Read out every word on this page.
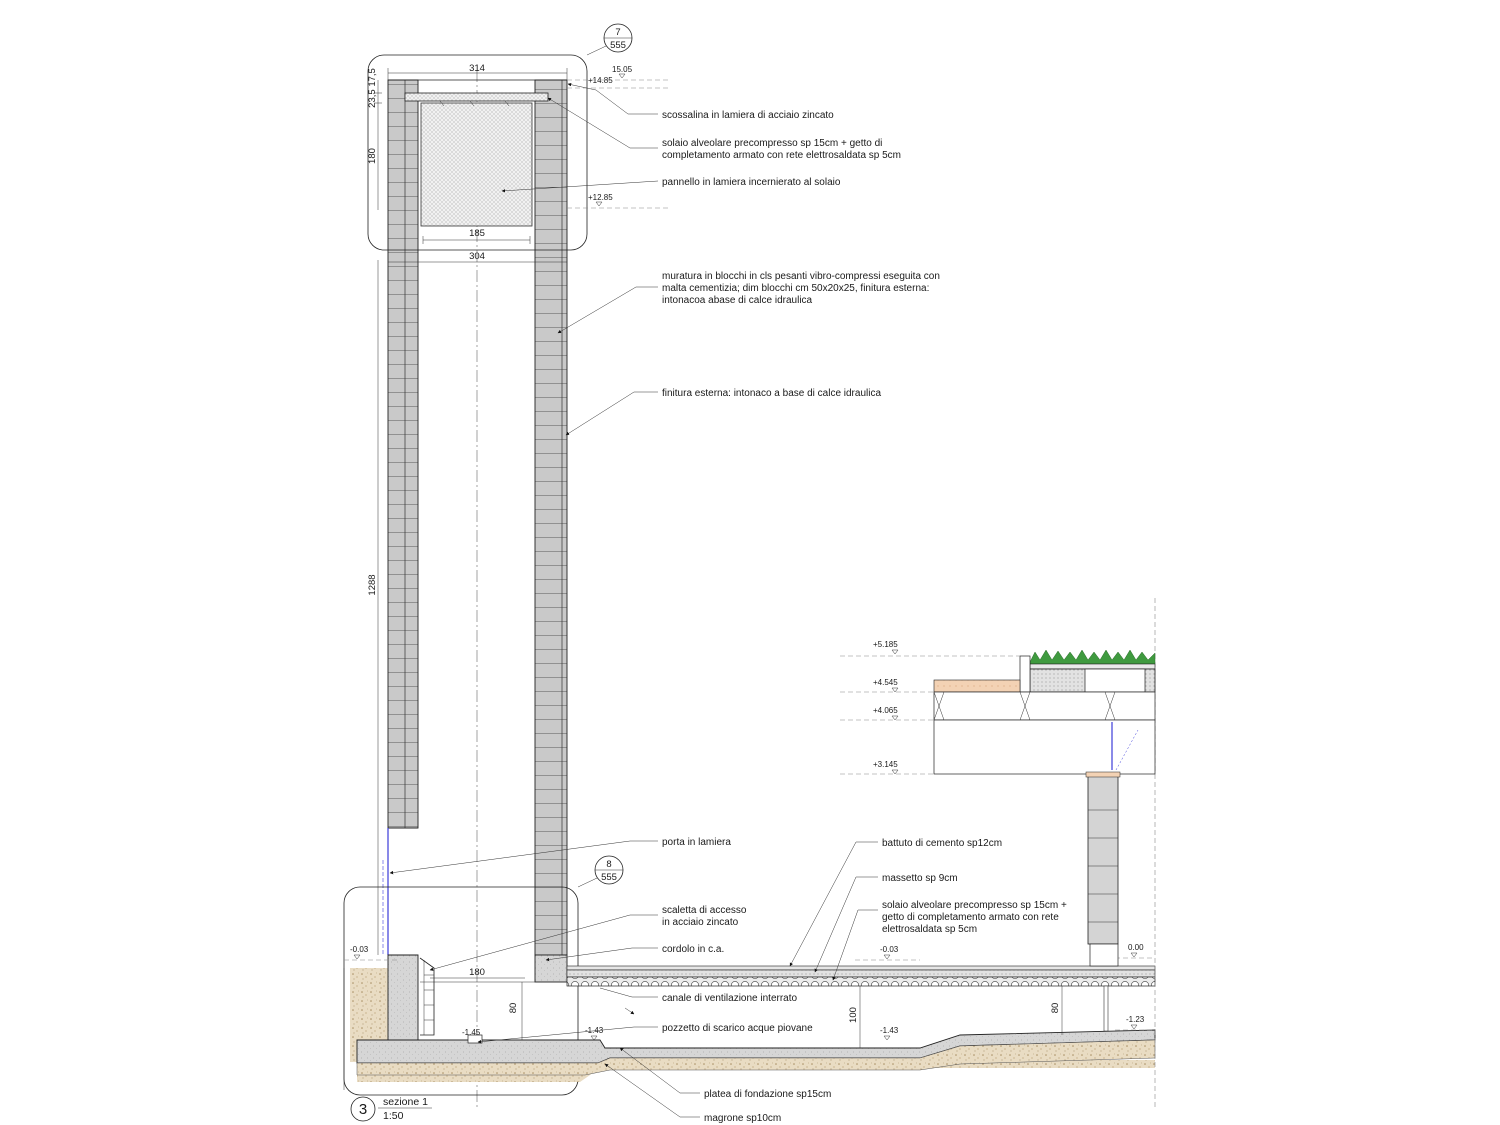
314
185
304
23,5 17,5
180
1288
15.05
+14.85
+12.85
7
555
8
555
180
80	100	80
-0.03	-0.03	0.00
-1.45	-1.43	-1.43
-1.23
+5.185
+4.545
+4.065
+3.145
scossalina in lamiera di acciaio zincato
solaio alveolare precompresso sp 15cm + getto di
completamento armato con rete elettrosaldata sp 5cm
pannello in lamiera incernierato al solaio
muratura in blocchi in cls pesanti vibro-compressi eseguita con
malta cementizia; dim blocchi cm 50x20x25, finitura esterna:
intonacoa abase di calce idraulica
finitura esterna: intonaco a base di calce idraulica
porta in lamiera
scaletta di accesso
in acciaio zincato
cordolo in c.a.
canale di ventilazione interrato
pozzetto di scarico acque piovane
platea di fondazione sp15cm
magrone sp10cm
battuto di cemento sp12cm
massetto sp 9cm
solaio alveolare precompresso sp 15cm +
getto di completamento armato con rete
elettrosaldata sp 5cm
3 sezione 1
1:50
